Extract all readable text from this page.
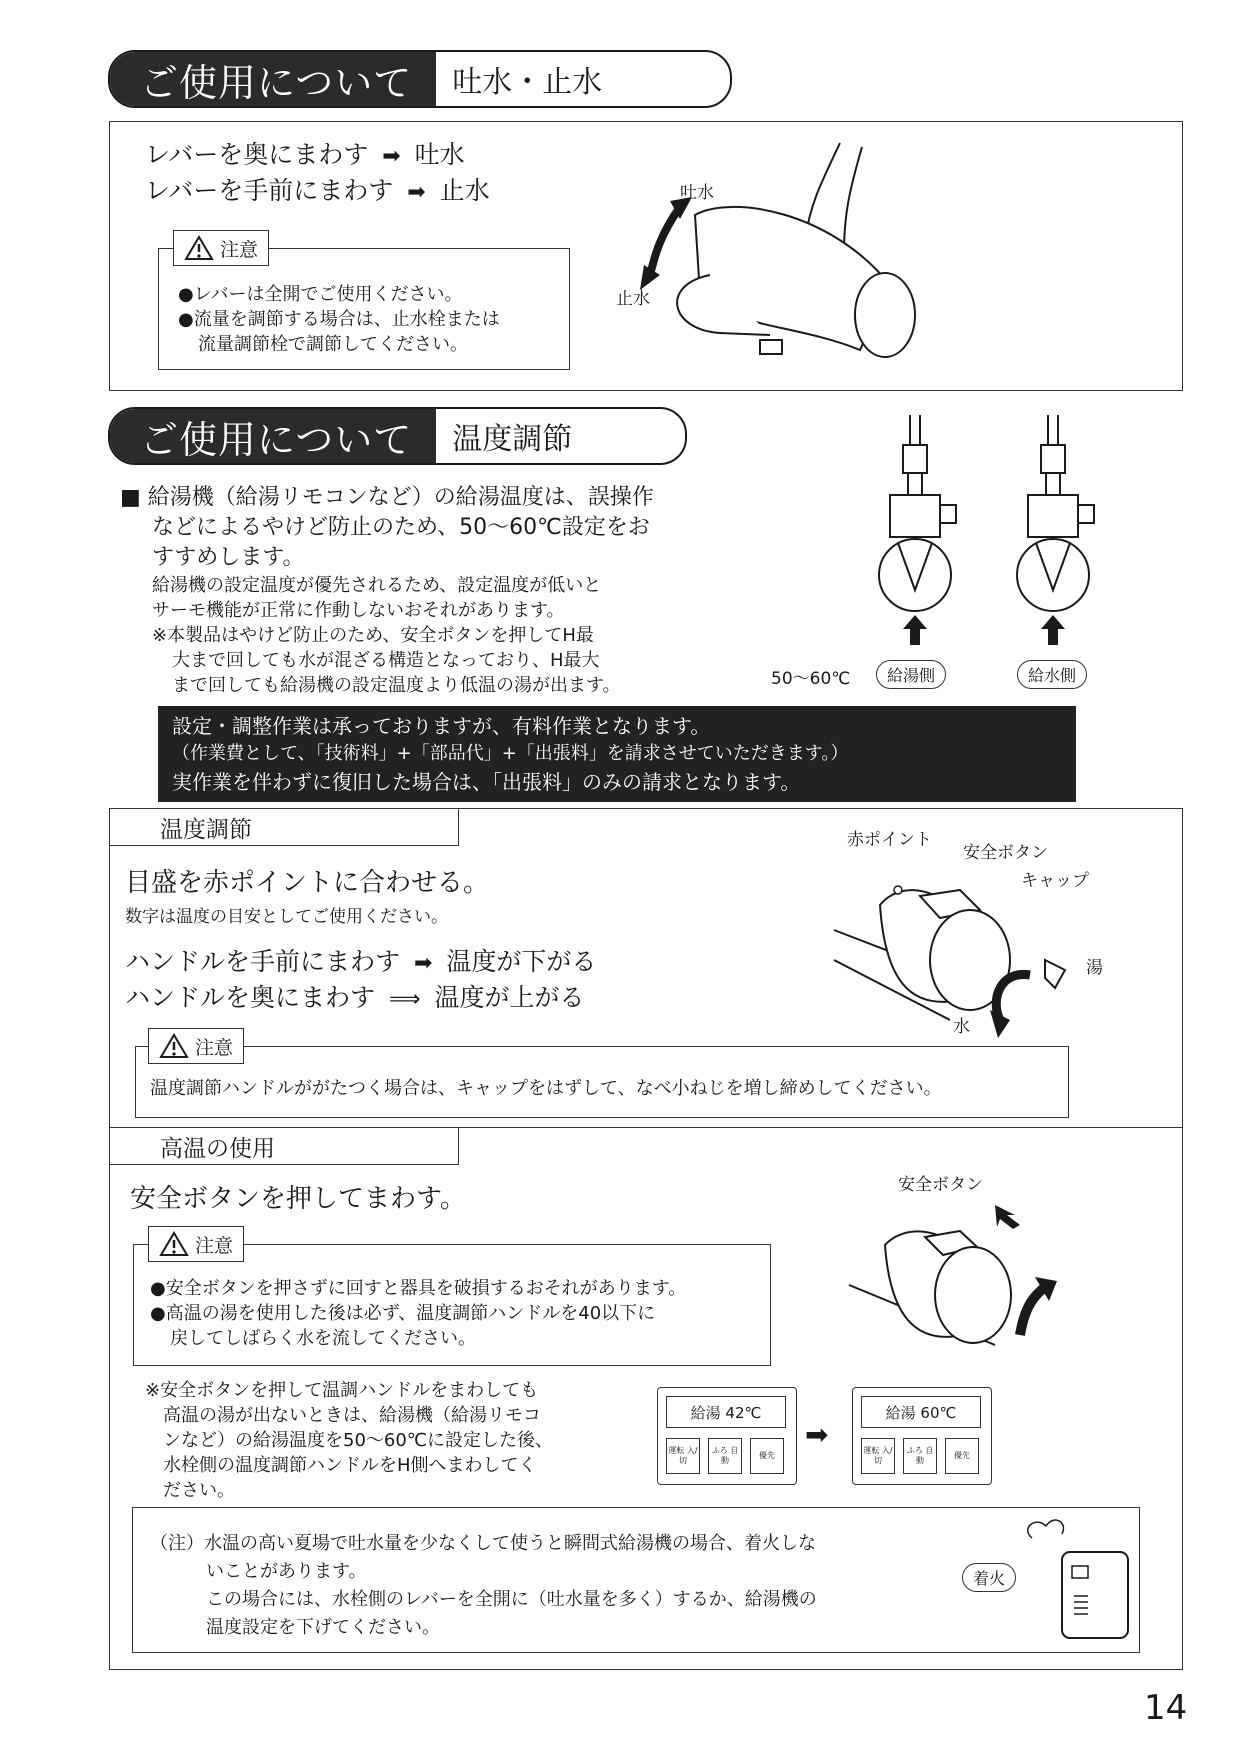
ご使用について	吐水・止水
レバーを奥にまわす ➡ 吐水
レバーを手前にまわす ➡ 止水
注意
●レバーは全開でご使用ください。
●流量を調節する場合は、止水栓または
流量調節栓で調節してください。
吐水
止水
ご使用について	温度調節
■ 給湯機（給湯リモコンなど）の給湯温度は、誤操作
などによるやけど防止のため、50～60℃設定をお
すすめします。
給湯機の設定温度が優先されるため、設定温度が低いと
サーモ機能が正常に作動しないおそれがあります。
※本製品はやけど防止のため、安全ボタンを押してH最
大まで回しても水が混ざる構造となっており、H最大
まで回しても給湯機の設定温度より低温の湯が出ます。	50～60℃	給湯側	給水側
設定・調整作業は承っておりますが、有料作業となります。
（作業費として、「技術料」+「部品代」+「出張料」を請求させていただきます。）
実作業を伴わずに復旧した場合は、「出張料」のみの請求となります。
温度調節
目盛を赤ポイントに合わせる。
数字は温度の目安としてご使用ください。
ハンドルを手前にまわす ➡ 温度が下がる
ハンドルを奥にまわす ⟹ 温度が上がる
赤ポイント
安全ボタン
キャップ
湯
水
注意
温度調節ハンドルががたつく場合は、キャップをはずして、なべ小ねじを増し締めしてください。
高温の使用
安全ボタンを押してまわす。	安全ボタン
注意
●安全ボタンを押さずに回すと器具を破損するおそれがあります。
●高温の湯を使用した後は必ず、温度調節ハンドルを40以下に
戻してしばらく水を流してください。
※安全ボタンを押して温調ハンドルをまわしても
高温の湯が出ないときは、給湯機（給湯リモコ
ンなど）の給湯温度を50～60℃に設定した後、
水栓側の温度調節ハンドルをH側へまわしてく
ださい。
給湯 42℃
運転 入/切
ふろ 自動
優先
➡
給湯 60℃
運転 入/切
ふろ 自動
優先
（注）水温の高い夏場で吐水量を少なくして使うと瞬間式給湯機の場合、着火しな
いことがあります。
この場合には、水栓側のレバーを全開に（吐水量を多く）するか、給湯機の
温度設定を下げてください。
着火
14
